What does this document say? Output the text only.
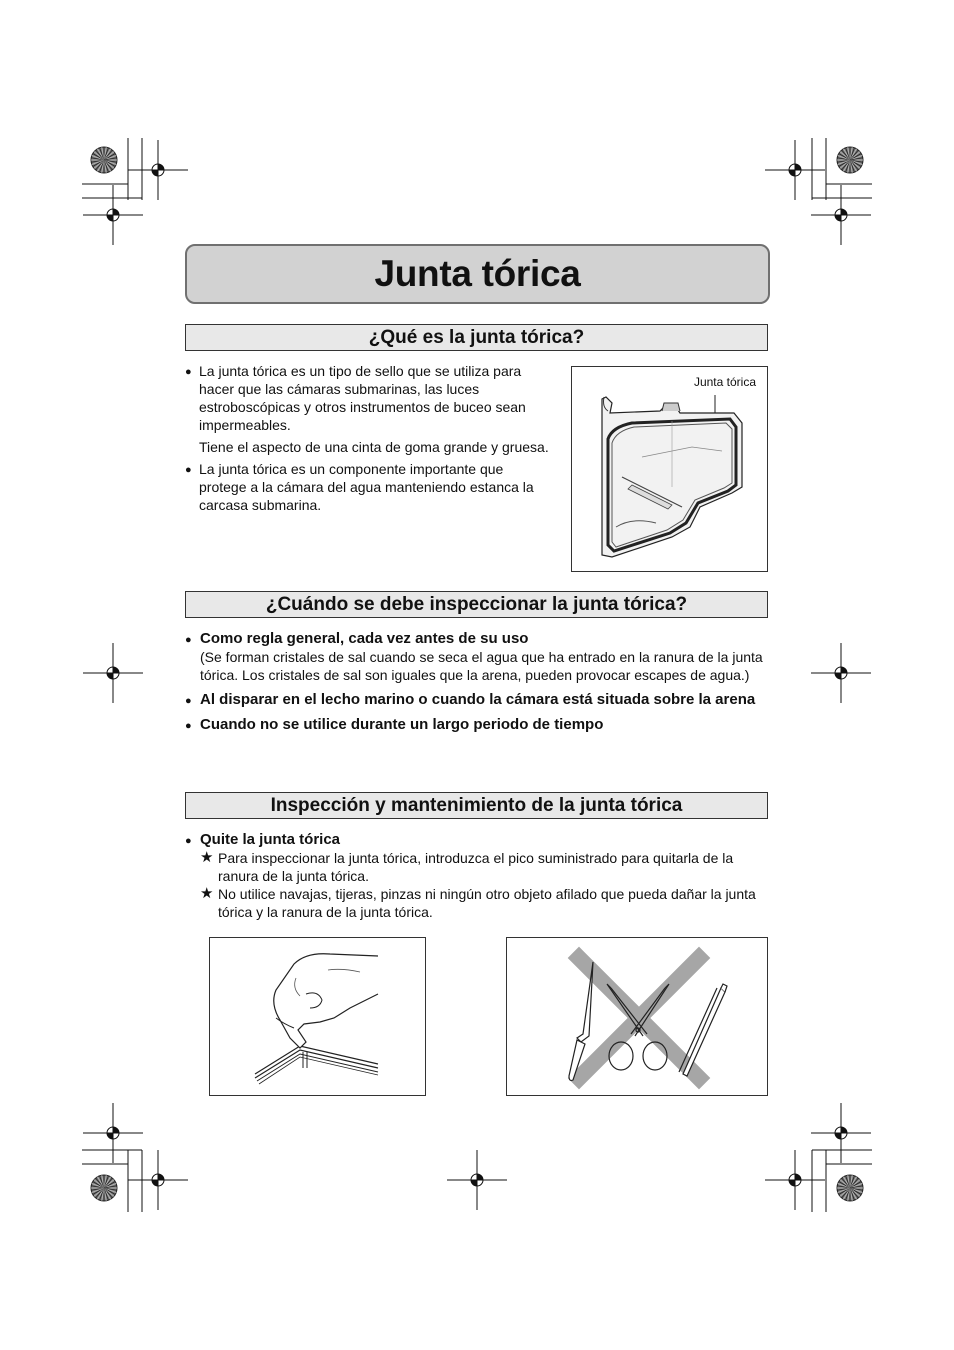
Junta tórica
¿Qué es la junta tórica?
● La junta tórica es un tipo de sello que se utiliza para hacer que las cámaras submarinas, las luces estroboscópicas y otros instrumentos de buceo sean impermeables.
Tiene el aspecto de una cinta de goma grande y gruesa.
● La junta tórica es un componente importante que protege a la cámara del agua manteniendo estanca la carcasa submarina.
Junta tórica
¿Cuándo se debe inspeccionar la junta tórica?
● Como regla general, cada vez antes de su uso
(Se forman cristales de sal cuando se seca el agua que ha entrado en la ranura de la junta tórica. Los cristales de sal son iguales que la arena, pueden provocar escapes de agua.)
● Al disparar en el lecho marino o cuando la cámara está situada sobre la arena
● Cuando no se utilice durante un largo periodo de tiempo
Inspección y mantenimiento de la junta tórica
● Quite la junta tórica
★ Para inspeccionar la junta tórica, introduzca el pico suministrado para quitarla de la ranura de la junta tórica.
★ No utilice navajas, tijeras, pinzas ni ningún otro objeto afilado que pueda dañar la junta tórica y la ranura de la junta tórica.
